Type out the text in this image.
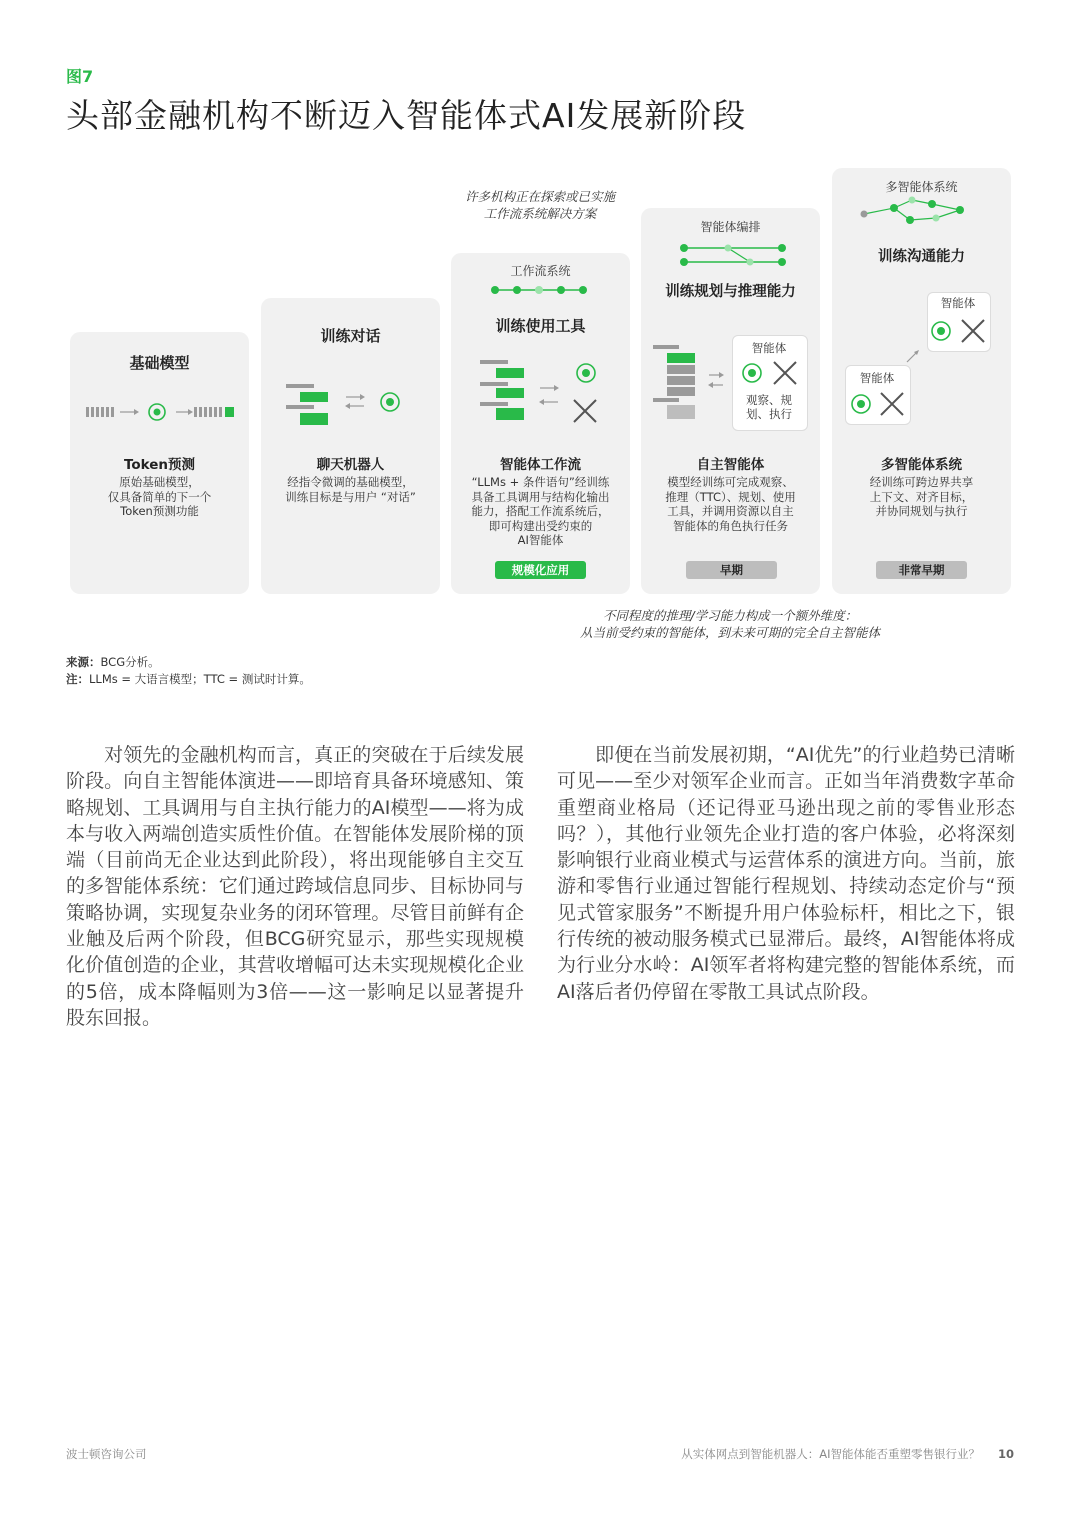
图7
头部金融机构不断迈入智能体式AI发展新阶段
许多机构正在探索或已实施
工作流系统解决方案
基础模型
Token预测
原始基础模型，
仅具备简单的下一个
Token预测功能
训练对话
聊天机器人
经指令微调的基础模型，
训练目标是与用户 “对话”
工作流系统
训练使用工具
智能体工作流
“LLMs + 条件语句”经训练
具备工具调用与结构化输出
能力，搭配工作流系统后，
即可构建出受约束的
AI智能体
规模化应用
智能体编排
训练规划与推理能力
智能体
观察、规
划、执行
自主智能体
模型经训练可完成观察、
推理（TTC）、规划、使用
工具，并调用资源以自主
智能体的角色执行任务
早期
多智能体系统
训练沟通能力
智能体
智能体
多智能体系统
经训练可跨边界共享
上下文、对齐目标，
并协同规划与执行
非常早期
不同程度的推理/学习能力构成一个额外维度：
从当前受约束的智能体，到未来可期的完全自主智能体
来源：BCG分析。
注：LLMs = 大语言模型；TTC = 测试时计算。
　　对领先的金融机构而言，真正的突破在于后续发展阶段。向自主智能体演进——即培育具备环境感知、策略规划、工具调用与自主执行能力的AI模型——将为成本与收入两端创造实质性价值。在智能体发展阶梯的顶端（目前尚无企业达到此阶段），将出现能够自主交互的多智能体系统：它们通过跨域信息同步、目标协同与策略协调，实现复杂业务的闭环管理。尽管目前鲜有企业触及后两个阶段，但BCG研究显示，那些实现规模化价值创造的企业，其营收增幅可达未实现规模化企业的5倍，成本降幅则为3倍——这一影响足以显著提升股东回报。
　　即便在当前发展初期，“AI优先”的行业趋势已清晰可见——至少对领军企业而言。正如当年消费数字革命重塑商业格局（还记得亚马逊出现之前的零售业形态吗？），其他行业领先企业打造的客户体验，必将深刻影响银行业商业模式与运营体系的演进方向。当前，旅游和零售行业通过智能行程规划、持续动态定价与“预见式管家服务”不断提升用户体验标杆，相比之下，银行传统的被动服务模式已显滞后。最终，AI智能体将成为行业分水岭：AI领军者将构建完整的智能体系统，而AI落后者仍停留在零散工具试点阶段。
波士顿咨询公司	从实体网点到智能机器人：AI智能体能否重塑零售银行业？ 10
